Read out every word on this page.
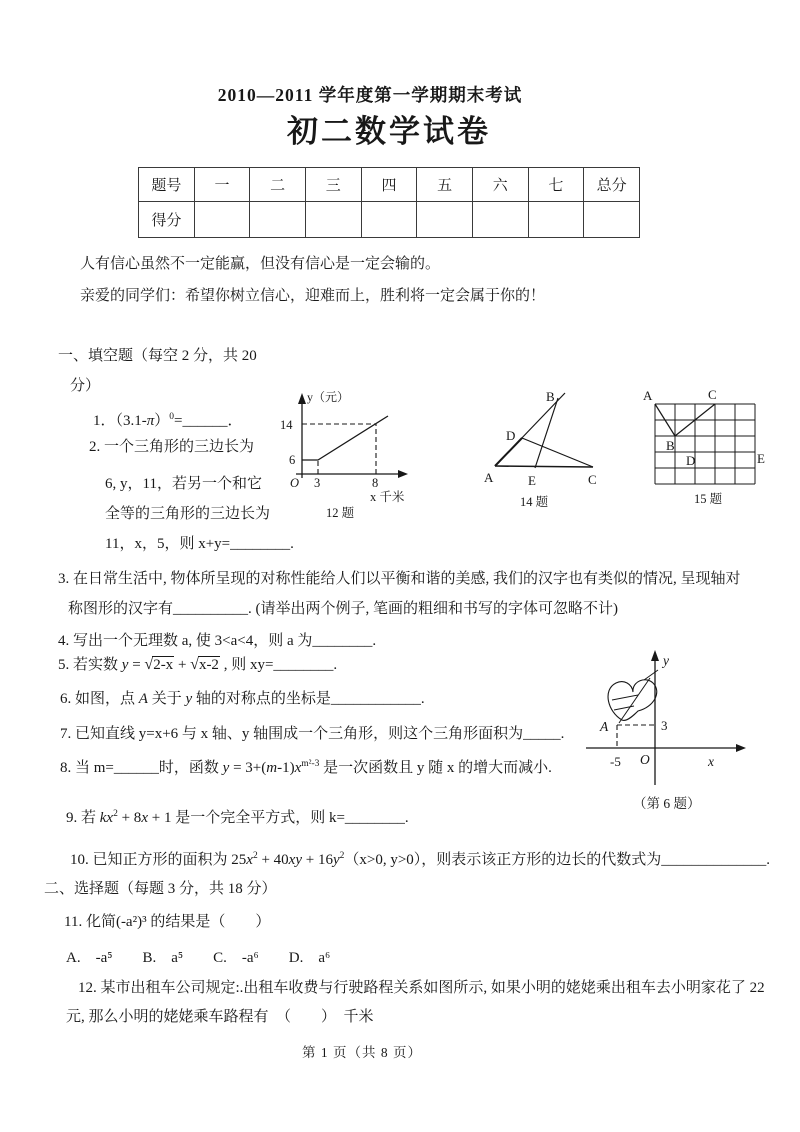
2010—2011 学年度第一学期期末考试
初二数学试卷
题号	一	二	三	四	五	六	七	总分
得分								
人有信心虽然不一定能赢，但没有信心是一定会输的。
亲爱的同学们：希望你树立信心，迎难而上，胜利将一定会属于你的！
一、填空题（每空 2 分，共 20
分）
1．$(3.1-\pi)^0=\_\_\_\_\_\_$．
2. 一个三角形的三边长为
6, y，11，若另一个和它
全等的三角形的三边长为
11，x，5，则 x+y=________.
3. 在日常生活中, 物体所呈现的对称性能给人们以平衡和谐的美感, 我们的汉字也有类似的情况, 呈现轴对
称图形的汉字有__________. (请举出两个例子, 笔画的粗细和书写的字体可忽略不计)
4. 写出一个无理数 a, 使 3<a<4，则 a 为________.
5. 若实数 y = √2-x + √x-2 , 则 xy=________.
6. 如图，点 A 关于 y 轴的对称点的坐标是____________.
7. 已知直线 y=x+6 与 x 轴、y 轴围成一个三角形，则这个三角形面积为_____.
8. 当 m=______时，函数 $y = 3+(m-1)x^{m^2-3}$ 是一次函数且 y 随 x 的增大而减小.
9. 若 $kx^2 + 8x + 1$ 是一个完全平方式，则 k=________.
10. 已知正方形的面积为 $25x^2 + 40xy + 16y^2(x>0$, y>0），则表示该正方形的边长的代数式为______________.
二、选择题（每题 3 分，共 18 分）
11. 化简(-a²)³ 的结果是（　　）
A.　-a⁵　　B.　a⁵　　C.　-a⁶　　D.　a⁶
12. 某市出租车公司规定:.出租车收费与行驶路程关系如图所示, 如果小明的姥姥乘出租车去小明家花了 22
元, 那么小明的姥姥乘车路程有　（　　）　千米
y（元）
14
6
O 3	8
x 千米
12 题
A
B
C
D
E
14 题
A	C
B
D	E
15 题
y
x
O
3
-5
A
（第 6 题）
第 1 页（共 8 页）
